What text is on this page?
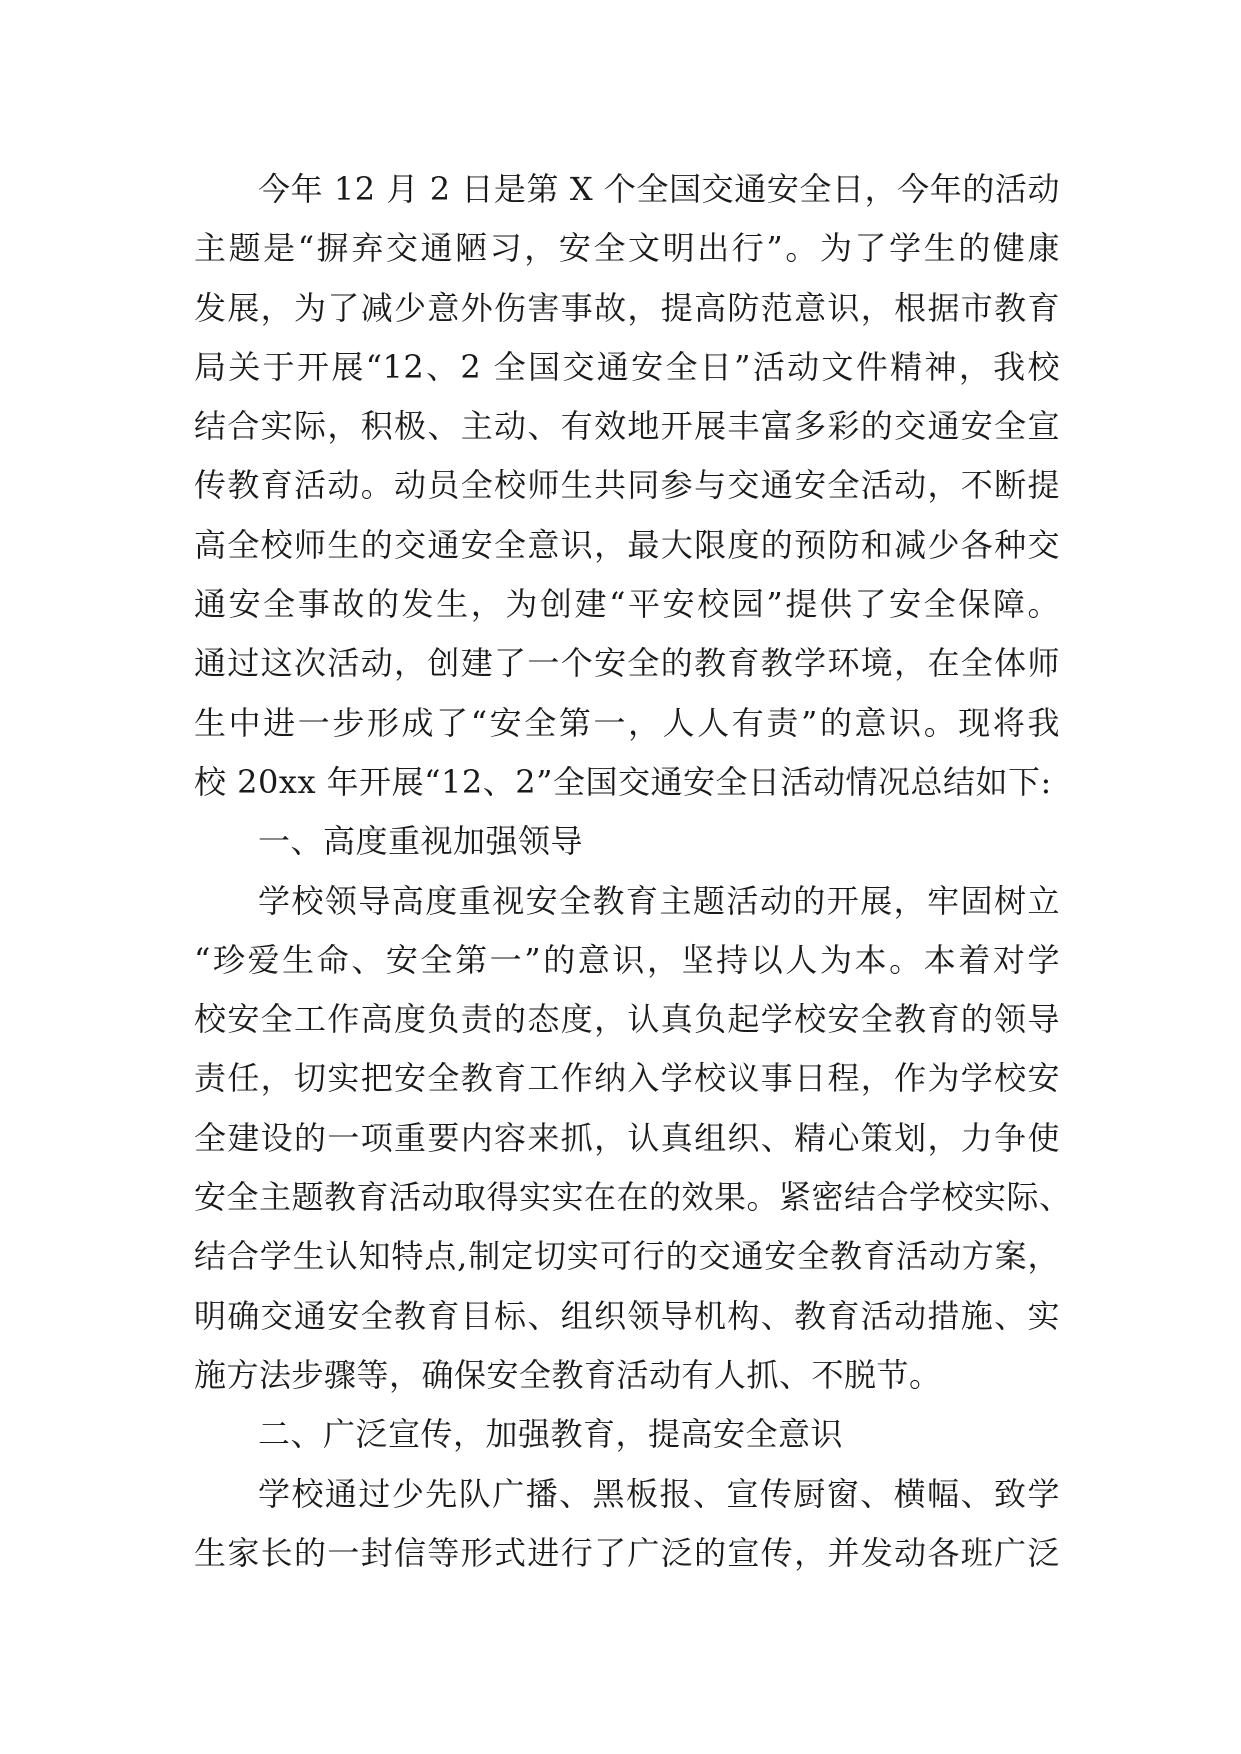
今年 12 月 2 日是第 X 个全国交通安全日，今年的活动
主题是“摒弃交通陋习，安全文明出行”。为了学生的健康
发展，为了减少意外伤害事故，提高防范意识，根据市教育
局关于开展“12、2 全国交通安全日”活动文件精神，我校
结合实际，积极、主动、有效地开展丰富多彩的交通安全宣
传教育活动。动员全校师生共同参与交通安全活动，不断提
高全校师生的交通安全意识，最大限度的预防和减少各种交
通安全事故的发生，为创建“平安校园”提供了安全保障。
通过这次活动，创建了一个安全的教育教学环境，在全体师
生中进一步形成了“安全第一，人人有责”的意识。现将我
校 20xx 年开展“12、2”全国交通安全日活动情况总结如下:
一、高度重视加强领导
学校领导高度重视安全教育主题活动的开展，牢固树立
“珍爱生命、安全第一”的意识，坚持以人为本。本着对学
校安全工作高度负责的态度，认真负起学校安全教育的领导
责任，切实把安全教育工作纳入学校议事日程，作为学校安
全建设的一项重要内容来抓，认真组织、精心策划，力争使
安全主题教育活动取得实实在在的效果。紧密结合学校实际、
结合学生认知特点,制定切实可行的交通安全教育活动方案，
明确交通安全教育目标、组织领导机构、教育活动措施、实
施方法步骤等，确保安全教育活动有人抓、不脱节。
二、广泛宣传，加强教育，提高安全意识
学校通过少先队广播、黑板报、宣传厨窗、横幅、致学
生家长的一封信等形式进行了广泛的宣传，并发动各班广泛
